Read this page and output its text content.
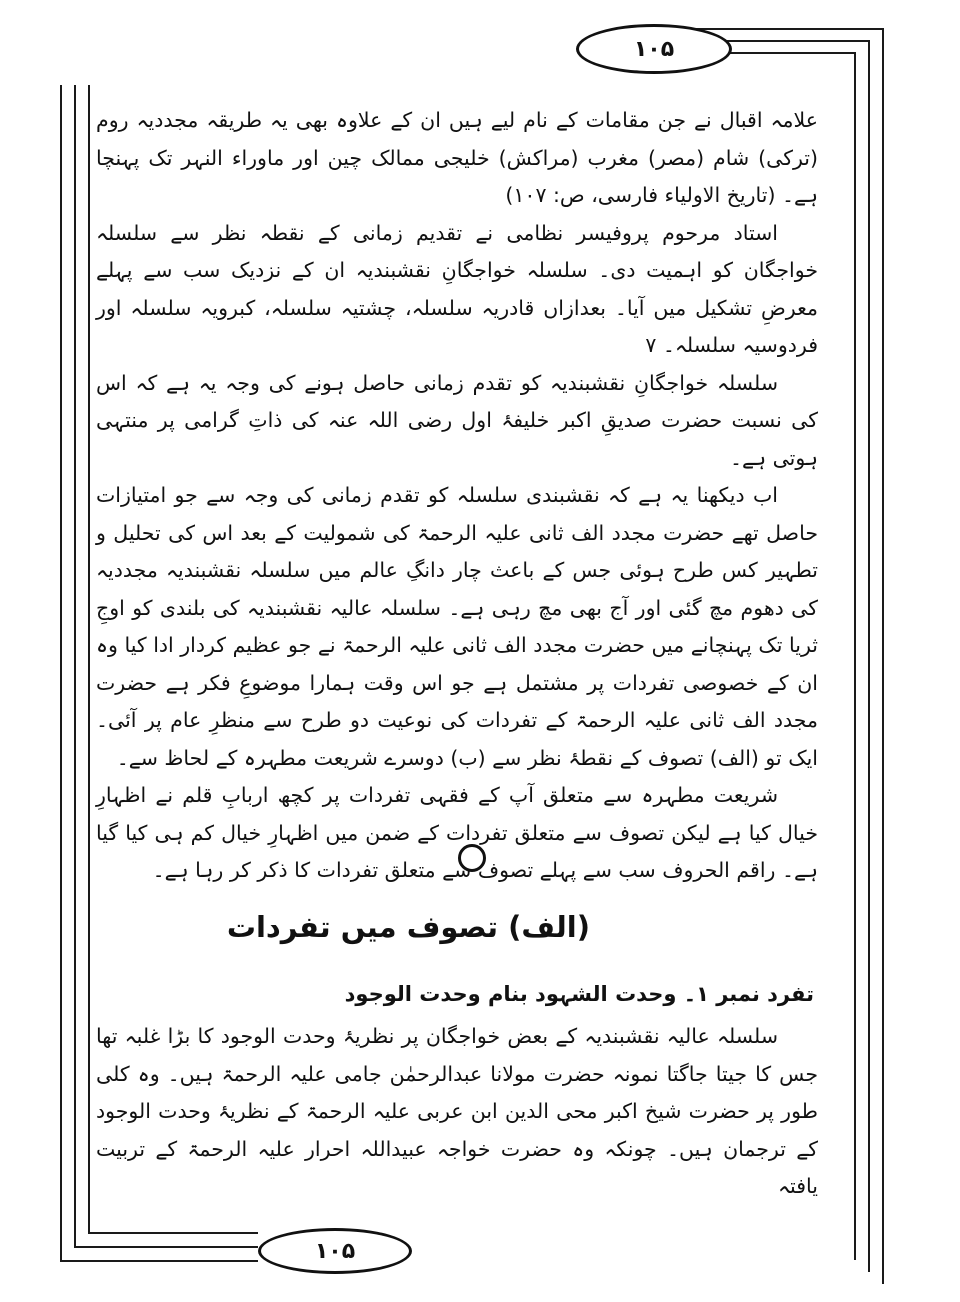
۱۰۵

علامہ اقبال نے جن مقامات کے نام لیے ہیں ان کے علاوہ بھی یہ طریقہ مجددیہ روم (ترکی) شام (مصر) مغرب (مراکش) خلیجی ممالک چین اور ماوراء النہر تک پہنچا ہے۔ (تاریخ الاولیاء فارسی، ص: ۱۰۷)

استاد مرحوم پروفیسر نظامی نے تقدیم زمانی کے نقطہ نظر سے سلسلہ خواجگان کو اہمیت دی۔ سلسلہ خواجگانِ نقشبندیہ ان کے نزدیک سب سے پہلے معرضِ تشکیل میں آیا۔ بعدازاں قادریہ سلسلہ، چشتیہ سلسلہ، کبرویہ سلسلہ اور فردوسیہ سلسلہ۔ ۷

سلسلہ خواجگانِ نقشبندیہ کو تقدم زمانی حاصل ہونے کی وجہ یہ ہے کہ اس کی نسبت حضرت صدیقِ اکبر خلیفۂ اول رضی اللہ عنہ کی ذاتِ گرامی پر منتہی ہوتی ہے۔

اب دیکھنا یہ ہے کہ نقشبندی سلسلہ کو تقدم زمانی کی وجہ سے جو امتیازات حاصل تھے حضرت مجدد الف ثانی علیہ الرحمۃ کی شمولیت کے بعد اس کی تحلیل و تطہیر کس طرح ہوئی جس کے باعث چار دانگِ عالم میں سلسلہ نقشبندیہ مجددیہ کی دھوم مچ گئی اور آج بھی مچ رہی ہے۔ سلسلہ عالیہ نقشبندیہ کی بلندی کو اوجِ ثریا تک پہنچانے میں حضرت مجدد الف ثانی علیہ الرحمۃ نے جو عظیم کردار ادا کیا وہ ان کے خصوصی تفردات پر مشتمل ہے جو اس وقت ہمارا موضوعِ فکر ہے حضرت مجدد الف ثانی علیہ الرحمۃ کے تفردات کی نوعیت دو طرح سے منظرِ عام پر آئی۔ ایک تو (الف) تصوف کے نقطۂ نظر سے (ب) دوسرے شریعت مطہرہ کے لحاظ سے۔

شریعت مطہرہ سے متعلق آپ کے فقہی تفردات پر کچھ اربابِ قلم نے اظہارِ خیال کیا ہے لیکن تصوف سے متعلق تفردات کے ضمن میں اظہارِ خیال کم ہی کیا گیا ہے۔ راقم الحروف سب سے پہلے تصوف سے متعلق تفردات کا ذکر کر رہا ہے۔

(الف) تصوف میں تفردات
تفرد نمبر ۱۔ وحدت الشہود بنام وحدت الوجود

سلسلہ عالیہ نقشبندیہ کے بعض خواجگان پر نظریۂ وحدت الوجود کا بڑا غلبہ تھا جس کا جیتا جاگتا نمونہ حضرت مولانا عبدالرحمٰن جامی علیہ الرحمۃ ہیں۔ وہ کلی طور پر حضرت شیخ اکبر محی الدین ابن عربی علیہ الرحمۃ کے نظریۂ وحدت الوجود کے ترجمان ہیں۔ چونکہ وہ حضرت خواجہ عبیداللہ احرار علیہ الرحمۃ کے تربیت یافتہ

۱۰۵
